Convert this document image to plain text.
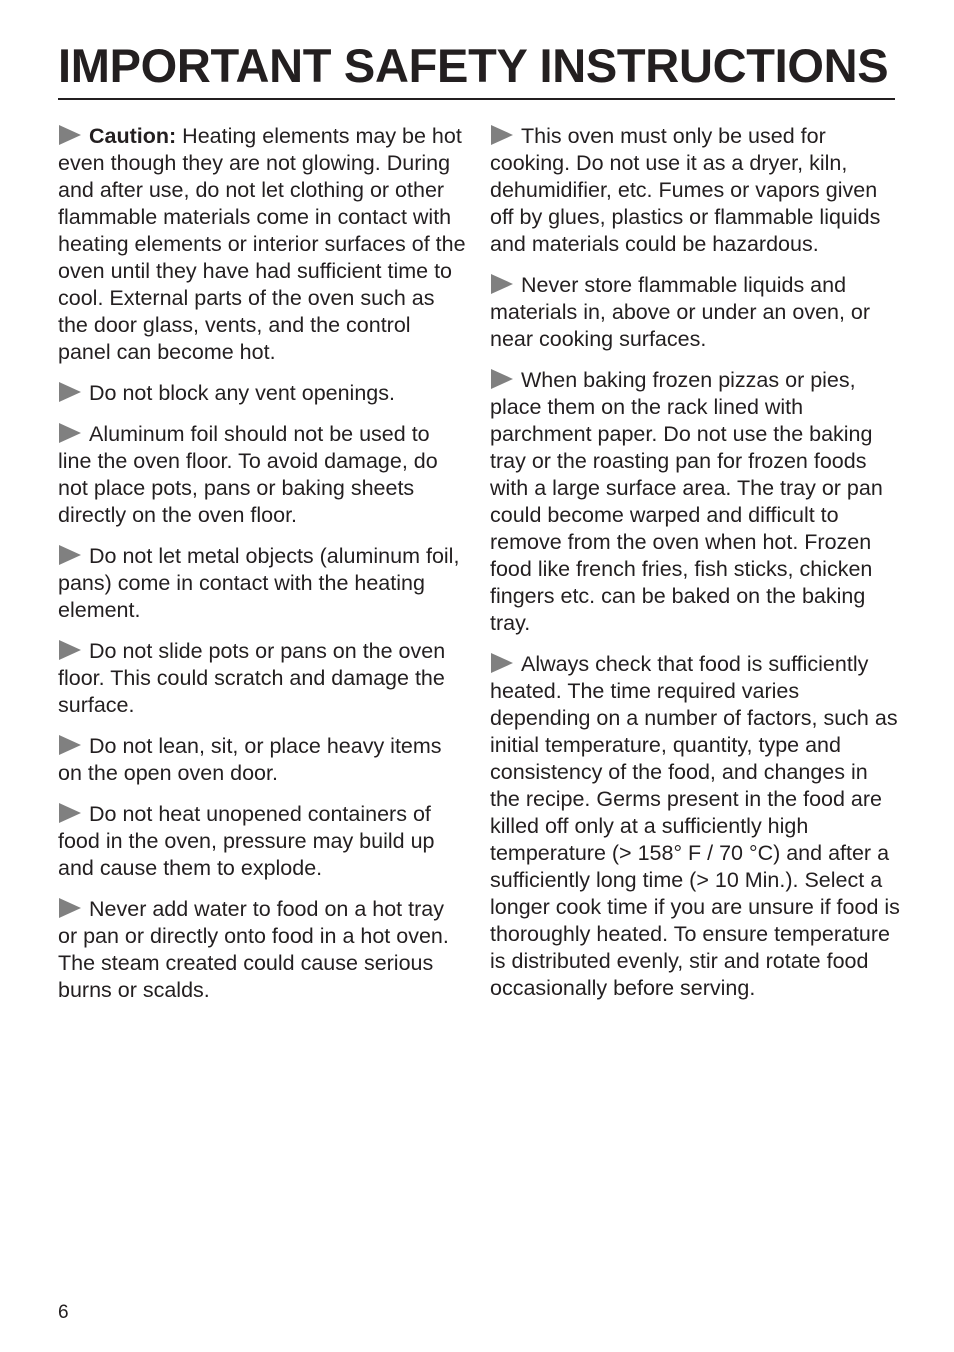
IMPORTANT SAFETY INSTRUCTIONS

Caution: Heating elements may be hot even though they are not glowing. During and after use, do not let clothing or other flammable materials come in contact with heating elements or interior surfaces of the oven until they have had sufficient time to cool. External parts of the oven such as the door glass, vents, and the control panel can become hot.

Do not block any vent openings.

Aluminum foil should not be used to line the oven floor. To avoid damage, do not place pots, pans or baking sheets directly on the oven floor.

Do not let metal objects (aluminum foil, pans) come in contact with the heating element.

Do not slide pots or pans on the oven floor. This could scratch and damage the surface.

Do not lean, sit, or place heavy items on the open oven door.

Do not heat unopened containers of food in the oven, pressure may build up and cause them to explode.

Never add water to food on a hot tray or pan or directly onto food in a hot oven. The steam created could cause serious burns or scalds.

This oven must only be used for cooking. Do not use it as a dryer, kiln, dehumidifier, etc. Fumes or vapors given off by glues, plastics or flammable liquids and materials could be hazardous.

Never store flammable liquids and materials in, above or under an oven, or near cooking surfaces.

When baking frozen pizzas or pies, place them on the rack lined with parchment paper. Do not use the baking tray or the roasting pan for frozen foods with a large surface area. The tray or pan could become warped and difficult to remove from the oven when hot. Frozen food like french fries, fish sticks, chicken fingers etc. can be baked on the baking tray.

Always check that food is sufficiently heated. The time required varies depending on a number of factors, such as initial temperature, quantity, type and consistency of the food, and changes in the recipe. Germs present in the food are killed off only at a sufficiently high temperature (> 158° F / 70 °C) and after a sufficiently long time (> 10 Min.). Select a longer cook time if you are unsure if food is thoroughly heated. To ensure temperature is distributed evenly, stir and rotate food occasionally before serving.

6
